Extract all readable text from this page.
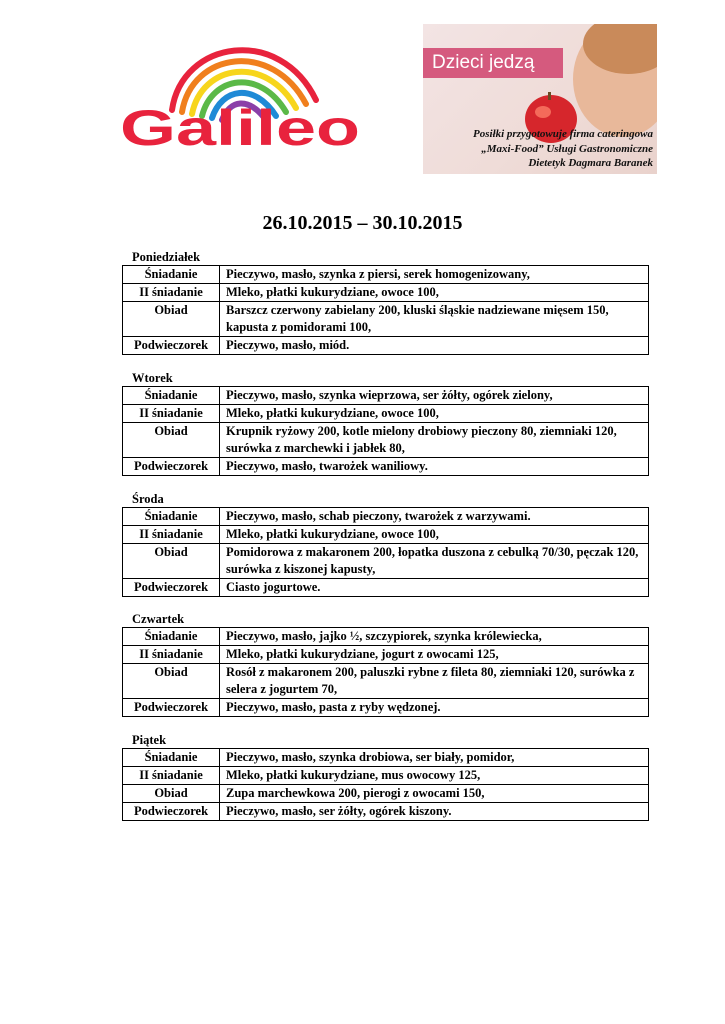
Galileo
Dzieci jedzą
Posiłki przygotowuje firma cateringowa
„Maxi-Food” Usługi Gastronomiczne
Dietetyk Dagmara Baranek
26.10.2015 – 30.10.2015
Poniedziałek
Śniadanie	Pieczywo, masło, szynka z piersi, serek homogenizowany,
II śniadanie	Mleko, płatki kukurydziane, owoce 100,
Obiad	Barszcz czerwony zabielany 200, kluski śląskie nadziewane mięsem 150, kapusta z pomidorami 100,
Podwieczorek	Pieczywo, masło, miód.
Wtorek
Śniadanie	Pieczywo, masło, szynka wieprzowa, ser żółty, ogórek zielony,
II śniadanie	Mleko, płatki kukurydziane, owoce 100,
Obiad	Krupnik ryżowy 200, kotle mielony drobiowy pieczony 80, ziemniaki 120, surówka z marchewki i jabłek 80,
Podwieczorek	Pieczywo, masło, twarożek waniliowy.
Środa
Śniadanie	Pieczywo, masło, schab pieczony, twarożek z warzywami.
II śniadanie	Mleko, płatki kukurydziane, owoce 100,
Obiad	Pomidorowa z makaronem 200, łopatka duszona z cebulką 70/30, pęczak 120, surówka z kiszonej kapusty,
Podwieczorek	Ciasto jogurtowe.
Czwartek
Śniadanie	Pieczywo, masło, jajko ½, szczypiorek, szynka królewiecka,
II śniadanie	Mleko, płatki kukurydziane, jogurt z owocami 125,
Obiad	Rosół z makaronem 200, paluszki rybne z fileta 80, ziemniaki 120, surówka z selera z jogurtem 70,
Podwieczorek	Pieczywo, masło, pasta z ryby wędzonej.
Piątek
Śniadanie	Pieczywo, masło, szynka drobiowa, ser biały, pomidor,
II śniadanie	Mleko, płatki kukurydziane, mus owocowy 125,
Obiad	Zupa marchewkowa 200, pierogi z owocami 150,
Podwieczorek	Pieczywo, masło, ser żółty, ogórek kiszony.
